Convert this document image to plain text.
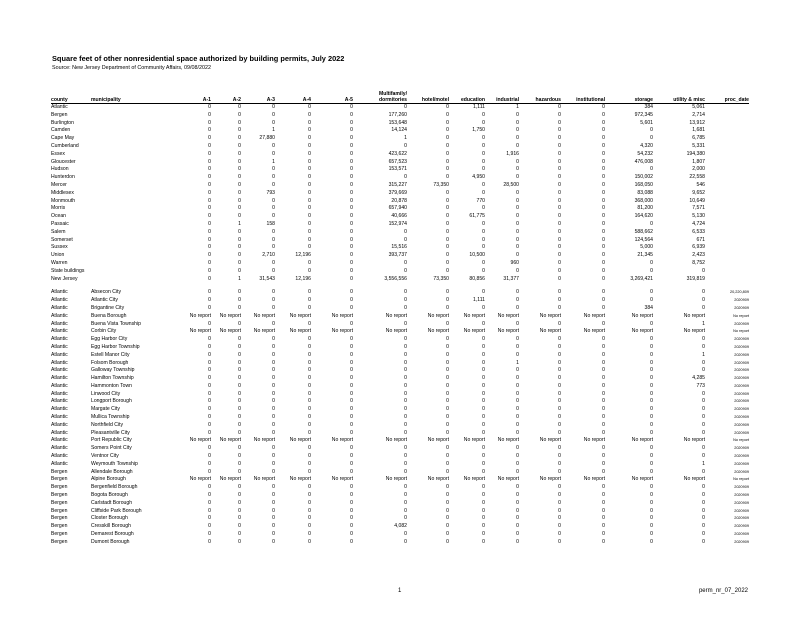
Square feet of other nonresidential space authorized by building permits, July 2022
Source: New Jersey Department of Community Affairs, 09/08/2022
county	municipality	A-1	A-2	A-3	A-4	A-5	Multifamily/
dormitories	hotel/motel	education	industrial	hazardous	institutional	storage	utility & misc	proc_date
Atlantic		0	0	0	0	0	0	0	1,111	1	0	0	384	5,061	
Bergen		0	0	0	0	0	177,260	0	0	0	0	0	972,345	2,714	
Burlington		0	0	0	0	0	153,648	0	0	0	0	0	5,601	13,912	
Camden		0	0	1	0	0	14,124	0	1,750	0	0	0	0	1,681	
Cape May		0	0	27,880	0	0	1	0	0	0	0	0	0	6,785	
Cumberland		0	0	0	0	0	0	0	0	0	0	0	4,320	5,331	
Essex		0	0	0	0	0	423,622	0	0	1,916	0	0	54,232	194,380	
Gloucester		0	0	1	0	0	657,523	0	0	0	0	0	476,008	1,807	
Hudson		0	0	0	0	0	153,571	0	0	0	0	0	0	2,000	
Hunterdon		0	0	0	0	0	0	0	4,950	0	0	0	150,002	22,558	
Mercer		0	0	0	0	0	315,227	73,350	0	28,500	0	0	168,050	546	
Middlesex		0	0	793	0	0	379,669	0	0	0	0	0	83,088	9,652	
Monmouth		0	0	0	0	0	20,878	0	770	0	0	0	368,000	10,649	
Morris		0	0	0	0	0	657,940	0	0	0	0	0	81,200	7,571	
Ocean		0	0	0	0	0	40,666	0	61,775	0	0	0	164,620	5,130	
Passaic		0	1	158	0	0	152,974	0	0	0	0	0	0	4,724	
Salem		0	0	0	0	0	0	0	0	0	0	0	588,662	6,533	
Somerset		0	0	0	0	0	0	0	0	0	0	0	124,564	671	
Sussex		0	0	0	0	0	15,516	0	0	0	0	0	5,000	6,939	
Union		0	0	2,710	12,196	0	393,737	0	10,500	0	0	0	21,345	2,423	
Warren		0	0	0	0	0	0	0	0	960	0	0	0	8,752	
State buildings		0	0	0	0	0	0	0	0	0	0	0	0	0	
New Jersey		0	1	31,543	12,196	0	3,556,556	73,350	80,856	31,377	0	0	3,269,421	319,819	

Atlantic	Absecon City	0	0	0	0	0	0	0	0	0	0	0	0	0	20,220,809
Atlantic	Atlantic City	0	0	0	0	0	0	0	1,111	0	0	0	0	0	2020909
Atlantic	Brigantine City	0	0	0	0	0	0	0	0	0	0	0	384	0	2020909
Atlantic	Buena Borough	No report	No report	No report	No report	No report	No report	No report	No report	No report	No report	No report	No report	No report	No report
Atlantic	Buena Vista Township	0	0	0	0	0	0	0	0	0	0	0	0	1	2020909
Atlantic	Corbin City	No report	No report	No report	No report	No report	No report	No report	No report	No report	No report	No report	No report	No report	No report
Atlantic	Egg Harbor City	0	0	0	0	0	0	0	0	0	0	0	0	0	2020909
Atlantic	Egg Harbor Township	0	0	0	0	0	0	0	0	0	0	0	0	0	2020909
Atlantic	Estell Manor City	0	0	0	0	0	0	0	0	0	0	0	0	1	2020909
Atlantic	Folsom Borough	0	0	0	0	0	0	0	0	1	0	0	0	0	2020909
Atlantic	Galloway Township	0	0	0	0	0	0	0	0	0	0	0	0	0	2020909
Atlantic	Hamilton Township	0	0	0	0	0	0	0	0	0	0	0	0	4,285	2020909
Atlantic	Hammonton Town	0	0	0	0	0	0	0	0	0	0	0	0	773	2020909
Atlantic	Linwood City	0	0	0	0	0	0	0	0	0	0	0	0	0	2020909
Atlantic	Longport Borough	0	0	0	0	0	0	0	0	0	0	0	0	0	2020909
Atlantic	Margate City	0	0	0	0	0	0	0	0	0	0	0	0	0	2020909
Atlantic	Mullica Township	0	0	0	0	0	0	0	0	0	0	0	0	0	2020909
Atlantic	Northfield City	0	0	0	0	0	0	0	0	0	0	0	0	0	2020909
Atlantic	Pleasantville City	0	0	0	0	0	0	0	0	0	0	0	0	0	2020909
Atlantic	Port Republic City	No report	No report	No report	No report	No report	No report	No report	No report	No report	No report	No report	No report	No report	No report
Atlantic	Somers Point City	0	0	0	0	0	0	0	0	0	0	0	0	0	2020909
Atlantic	Ventnor City	0	0	0	0	0	0	0	0	0	0	0	0	0	2020909
Atlantic	Weymouth Township	0	0	0	0	0	0	0	0	0	0	0	0	1	2020909
Bergen	Allendale Borough	0	0	0	0	0	0	0	0	0	0	0	0	0	2020909
Bergen	Alpine Borough	No report	No report	No report	No report	No report	No report	No report	No report	No report	No report	No report	No report	No report	No report
Bergen	Bergenfield Borough	0	0	0	0	0	0	0	0	0	0	0	0	0	2020909
Bergen	Bogota Borough	0	0	0	0	0	0	0	0	0	0	0	0	0	2020909
Bergen	Carlstadt Borough	0	0	0	0	0	0	0	0	0	0	0	0	0	2020909
Bergen	Cliffside Park Borough	0	0	0	0	0	0	0	0	0	0	0	0	0	2020909
Bergen	Closter Borough	0	0	0	0	0	0	0	0	0	0	0	0	0	2020909
Bergen	Cresskill Borough	0	0	0	0	0	4,082	0	0	0	0	0	0	0	2020909
Bergen	Demarest Borough	0	0	0	0	0	0	0	0	0	0	0	0	0	2020909
Bergen	Dumont Borough	0	0	0	0	0	0	0	0	0	0	0	0	0	2020909
1	perm_nr_07_2022
